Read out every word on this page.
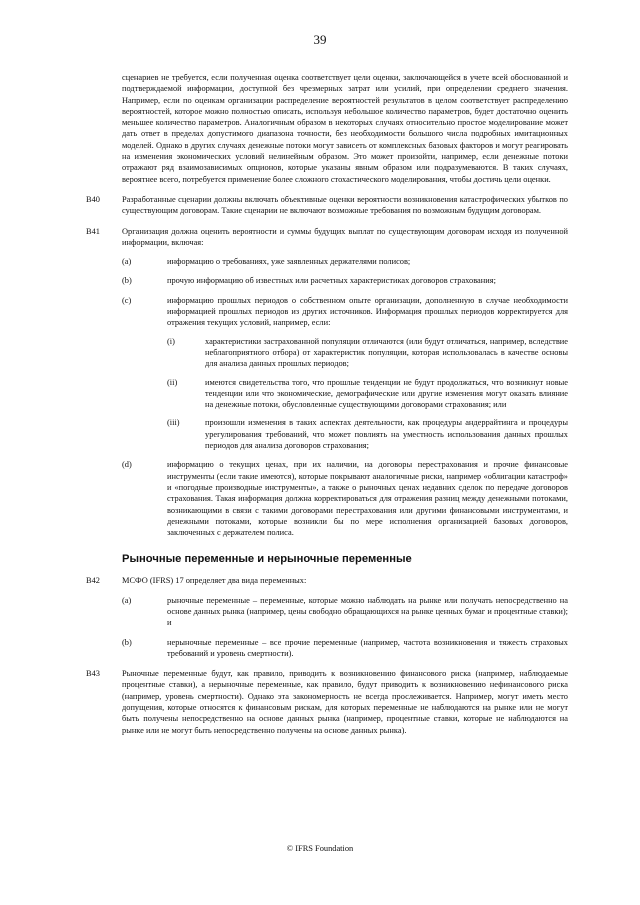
39

сценариев не требуется, если полученная оценка соответствует цели оценки, заключающейся в учете всей обоснованной и подтверждаемой информации, доступной без чрезмерных затрат или усилий, при определении среднего значения. Например, если по оценкам организации распределение вероятностей результатов в целом соответствует распределению вероятностей, которое можно полностью описать, используя небольшое количество параметров, будет достаточно оценить меньшее количество параметров. Аналогичным образом в некоторых случаях относительно простое моделирование может дать ответ в пределах допустимого диапазона точности, без необходимости большого числа подробных имитационных моделей. Однако в других случаях денежные потоки могут зависеть от комплексных базовых факторов и могут реагировать на изменения экономических условий нелинейным образом. Это может произойти, например, если денежные потоки отражают ряд взаимозависимых опционов, которые указаны явным образом или подразумеваются. В таких случаях, вероятнее всего, потребуется применение более сложного стохастического моделирования, чтобы достичь цели оценки.

B40	Разработанные сценарии должны включать объективные оценки вероятности возникновения катастрофических убытков по существующим договорам. Такие сценарии не включают возможные требования по возможным будущим договорам.

B41	Организация должна оценить вероятности и суммы будущих выплат по существующим договорам исходя из полученной информации, включая:

(a)	информацию о требованиях, уже заявленных держателями полисов;

(b)	прочую информацию об известных или расчетных характеристиках договоров страхования;

(c)	информацию прошлых периодов о собственном опыте организации, дополненную в случае необходимости информацией прошлых периодов из других источников. Информация прошлых периодов корректируется для отражения текущих условий, например, если:

(i)	характеристики застрахованной популяции отличаются (или будут отличаться, например, вследствие неблагоприятного отбора) от характеристик популяции, которая использовалась в качестве основы для анализа данных прошлых периодов;

(ii)	имеются свидетельства того, что прошлые тенденции не будут продолжаться, что возникнут новые тенденции или что экономические, демографические или другие изменения могут оказать влияние на денежные потоки, обусловленные существующими договорами страхования; или

(iii)	произошли изменения в таких аспектах деятельности, как процедуры андеррайтинга и процедуры урегулирования требований, что может повлиять на уместность использования данных прошлых периодов для анализа договоров страхования;

(d)	информацию о текущих ценах, при их наличии, на договоры перестрахования и прочие финансовые инструменты (если такие имеются), которые покрывают аналогичные риски, например «облигации катастроф» и «погодные производные инструменты», а также о рыночных ценах недавних сделок по передаче договоров страхования. Такая информация должна корректироваться для отражения разниц между денежными потоками, возникающими в связи с такими договорами перестрахования или другими финансовыми инструментами, и денежными потоками, которые возникли бы по мере исполнения организацией базовых договоров, заключенных с держателем полиса.

Рыночные переменные и нерыночные переменные
B42	МСФО (IFRS) 17 определяет два вида переменных:

(a)	рыночные переменные – переменные, которые можно наблюдать на рынке или получать непосредственно на основе данных рынка (например, цены свободно обращающихся на рынке ценных бумаг и процентные ставки); и

(b)	нерыночные переменные – все прочие переменные (например, частота возникновения и тяжесть страховых требований и уровень смертности).

B43	Рыночные переменные будут, как правило, приводить к возникновению финансового риска (например, наблюдаемые процентные ставки), а нерыночные переменные, как правило, будут приводить к возникновению нефинансового риска (например, уровень смертности). Однако эта закономерность не всегда прослеживается. Например, могут иметь место допущения, которые относятся к финансовым рискам, для которых переменные не наблюдаются на рынке или не могут быть получены непосредственно на основе данных рынка (например, процентные ставки, которые не наблюдаются на рынке или не могут быть непосредственно получены на основе данных рынка).

© IFRS Foundation
